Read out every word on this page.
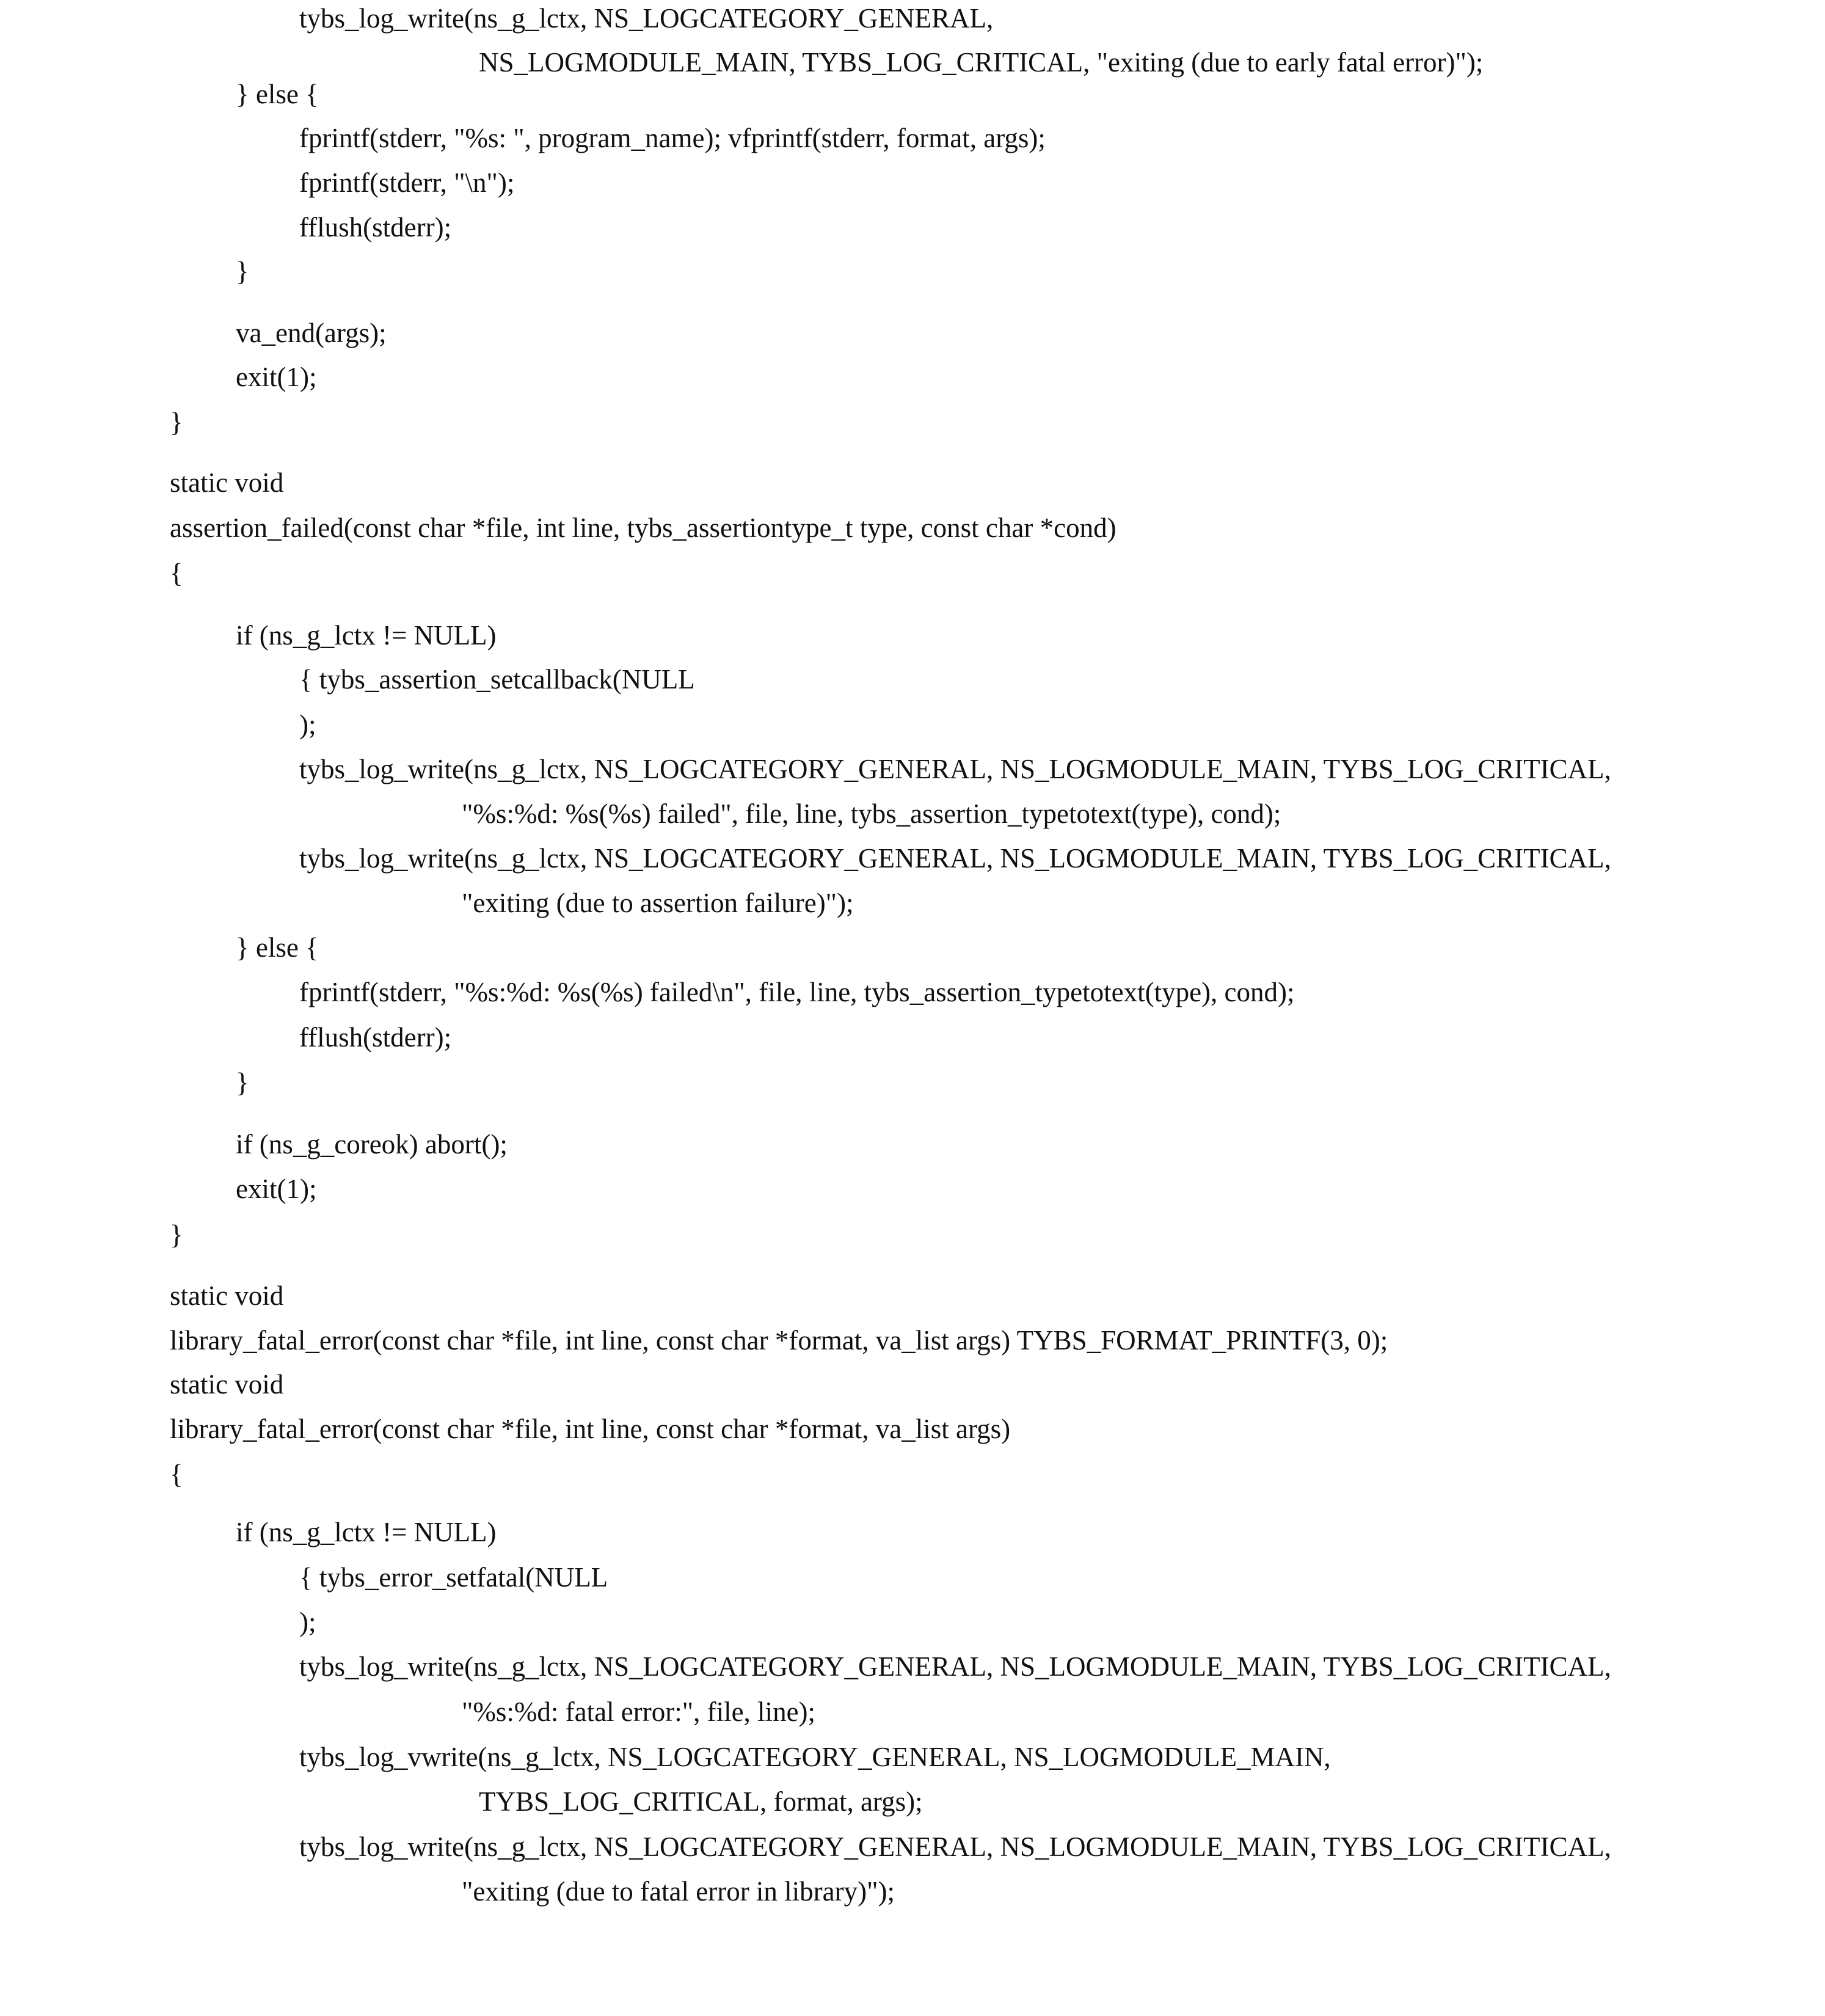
tybs_log_write(ns_g_lctx, NS_LOGCATEGORY_GENERAL,
NS_LOGMODULE_MAIN, TYBS_LOG_CRITICAL, "exiting (due to early fatal error)");
} else {
fprintf(stderr, "%s: ", program_name); vfprintf(stderr, format, args);
fprintf(stderr, "\n");
fflush(stderr);
}
va_end(args);
exit(1);
}
static void
assertion_failed(const char *file, int line, tybs_assertiontype_t type, const char *cond)
{
if (ns_g_lctx != NULL)
{ tybs_assertion_setcallback(NULL
);
tybs_log_write(ns_g_lctx, NS_LOGCATEGORY_GENERAL, NS_LOGMODULE_MAIN, TYBS_LOG_CRITICAL,
"%s:%d: %s(%s) failed", file, line, tybs_assertion_typetotext(type), cond);
tybs_log_write(ns_g_lctx, NS_LOGCATEGORY_GENERAL, NS_LOGMODULE_MAIN, TYBS_LOG_CRITICAL,
"exiting (due to assertion failure)");
} else {
fprintf(stderr, "%s:%d: %s(%s) failed\n", file, line, tybs_assertion_typetotext(type), cond);
fflush(stderr);
}
if (ns_g_coreok) abort();
exit(1);
}
static void
library_fatal_error(const char *file, int line, const char *format, va_list args) TYBS_FORMAT_PRINTF(3, 0);
static void
library_fatal_error(const char *file, int line, const char *format, va_list args)
{
if (ns_g_lctx != NULL)
{ tybs_error_setfatal(NULL
);
tybs_log_write(ns_g_lctx, NS_LOGCATEGORY_GENERAL, NS_LOGMODULE_MAIN, TYBS_LOG_CRITICAL,
"%s:%d: fatal error:", file, line);
tybs_log_vwrite(ns_g_lctx, NS_LOGCATEGORY_GENERAL, NS_LOGMODULE_MAIN,
TYBS_LOG_CRITICAL, format, args);
tybs_log_write(ns_g_lctx, NS_LOGCATEGORY_GENERAL, NS_LOGMODULE_MAIN, TYBS_LOG_CRITICAL,
"exiting (due to fatal error in library)");
